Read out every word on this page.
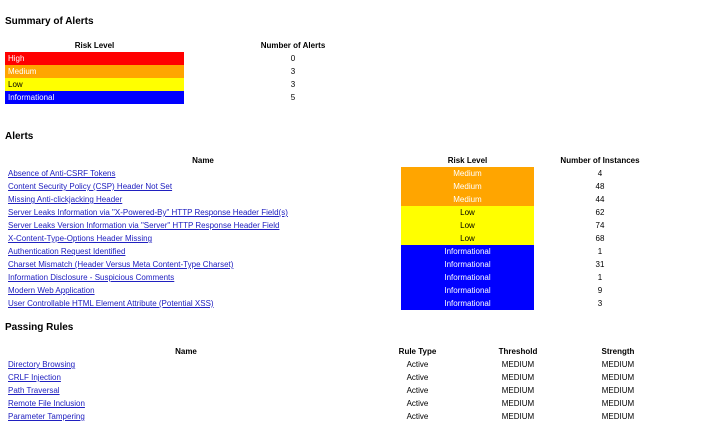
Summary of Alerts
Risk Level	Number of Alerts
High	0
Medium	3
Low	3
Informational	5
Alerts
Name	Risk Level	Number of Instances
Absence of Anti-CSRF Tokens	Medium	4
Content Security Policy (CSP) Header Not Set	Medium	48
Missing Anti-clickjacking Header	Medium	44
Server Leaks Information via "X-Powered-By" HTTP Response Header Field(s)	Low	62
Server Leaks Version Information via "Server" HTTP Response Header Field	Low	74
X-Content-Type-Options Header Missing	Low	68
Authentication Request Identified	Informational	1
Charset Mismatch (Header Versus Meta Content-Type Charset)	Informational	31
Information Disclosure - Suspicious Comments	Informational	1
Modern Web Application	Informational	9
User Controllable HTML Element Attribute (Potential XSS)	Informational	3
Passing Rules
Name	Rule Type	Threshold	Strength
Directory Browsing	Active	MEDIUM	MEDIUM
CRLF Injection	Active	MEDIUM	MEDIUM
Path Traversal	Active	MEDIUM	MEDIUM
Remote File Inclusion	Active	MEDIUM	MEDIUM
Parameter Tampering	Active	MEDIUM	MEDIUM
